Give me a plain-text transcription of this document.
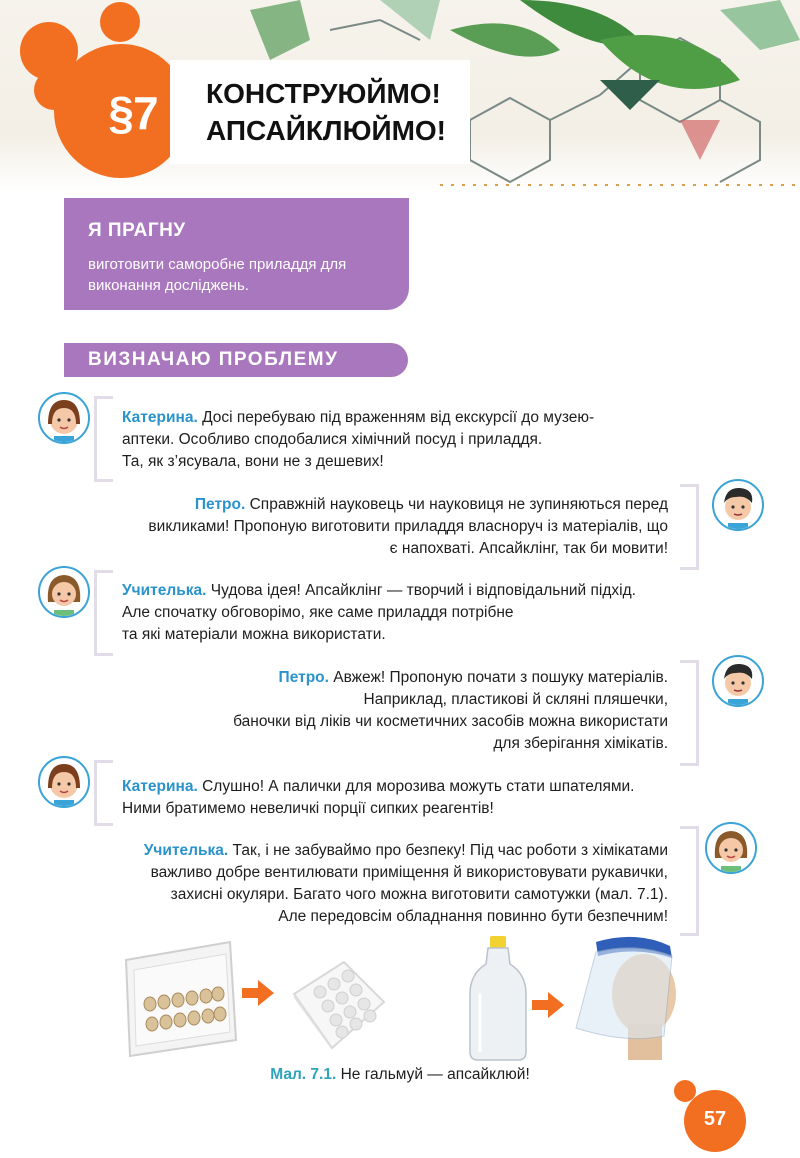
§7	КОНСТРУЮЙМО!
АПСАЙКЛЮЙМО!
Я ПРАГНУ
виготовити саморобне приладдя для виконання досліджень.
ВИЗНАЧАЮ ПРОБЛЕМУ
Катерина. Досі перебуваю під враженням від екскурсії до музею-
аптеки. Особливо сподобалися хімічний посуд і приладдя.
Та, як з’ясувала, вони не з дешевих!
Петро. Справжній науковець чи науковиця не зупиняються перед
викликами! Пропоную виготовити приладдя власноруч із матеріалів, що
є напохваті. Апсайклінг, так би мовити!
Учителька. Чудова ідея! Апсайклінг — творчий і відповідальний підхід.
Але спочатку обговорімо, яке саме приладдя потрібне
та які матеріали можна використати.
Петро. Авжеж! Пропоную почати з пошуку матеріалів.
Наприклад, пластикові й скляні пляшечки,
баночки від ліків чи косметичних засобів можна використати
для зберігання хімікатів.
Катерина. Слушно! А палички для морозива можуть стати шпателями.
Ними братимемо невеличкі порції сипких реагентів!
Учителька. Так, і не забуваймо про безпеку! Під час роботи з хімікатами
важливо добре вентилювати приміщення й використовувати рукавички,
захисні окуляри. Багато чого можна виготовити самотужки (мал. 7.1).
Але передовсім обладнання повинно бути безпечним!
Мал. 7.1. Не гальмуй — апсайклюй!
57
